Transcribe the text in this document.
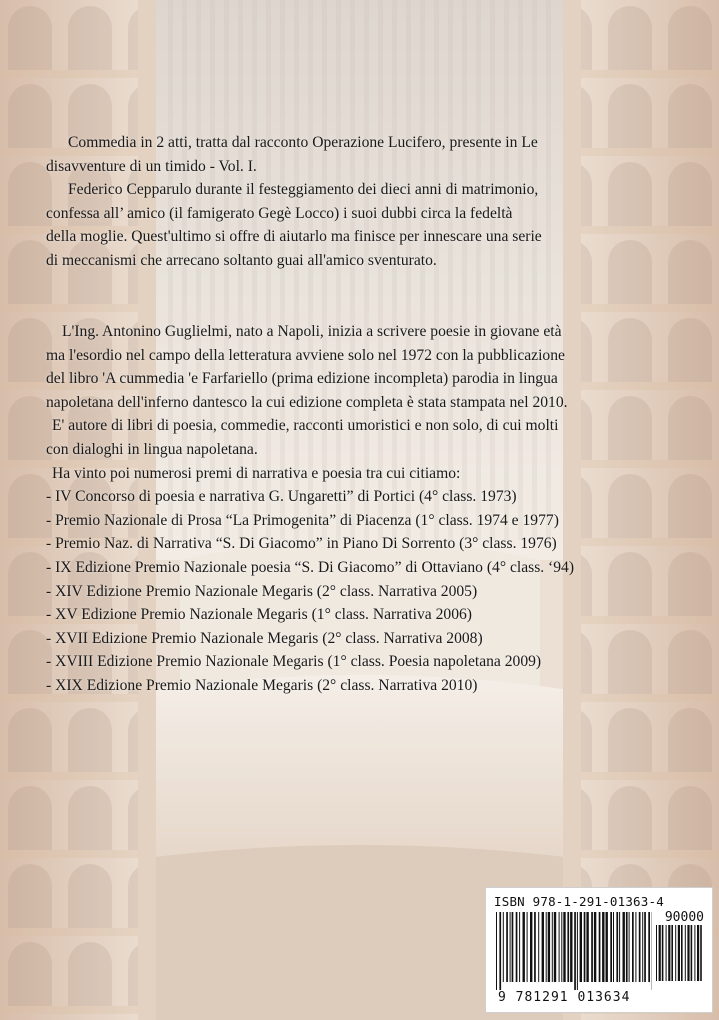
Commedia in 2 atti, tratta dal racconto Operazione Lucifero, presente in Le
disavventure di un timido - Vol. I.
Federico Cepparulo durante il festeggiamento dei dieci anni di matrimonio,
confessa all’ amico (il famigerato Gegè Locco) i suoi dubbi circa la fedeltà
della moglie. Quest'ultimo si offre di aiutarlo ma finisce per innescare una serie
di meccanismi che arrecano soltanto guai all'amico sventurato.
L'Ing. Antonino Guglielmi, nato a Napoli, inizia a scrivere poesie in giovane età
ma l'esordio nel campo della letteratura avviene solo nel 1972 con la pubblicazione
del libro 'A cummedia 'e Farfariello (prima edizione incompleta) parodia in lingua
napoletana dell'inferno dantesco la cui edizione completa è stata stampata nel 2010.
E' autore di libri di poesia, commedie, racconti umoristici e non solo, di cui molti
con dialoghi in lingua napoletana.
Ha vinto poi numerosi premi di narrativa e poesia tra cui citiamo:
- IV Concorso di poesia e narrativa G. Ungaretti” di Portici (4° class. 1973)
- Premio Nazionale di Prosa “La Primogenita” di Piacenza (1° class. 1974 e 1977)
- Premio Naz. di Narrativa “S. Di Giacomo” in Piano Di Sorrento (3° class. 1976)
- IX Edizione Premio Nazionale poesia “S. Di Giacomo” di Ottaviano (4° class. ‘94)
- XIV Edizione Premio Nazionale Megaris (2° class. Narrativa 2005)
- XV Edizione Premio Nazionale Megaris (1° class. Narrativa 2006)
- XVII Edizione Premio Nazionale Megaris (2° class. Narrativa 2008)
- XVIII Edizione Premio Nazionale Megaris (1° class. Poesia napoletana 2009)
- XIX Edizione Premio Nazionale Megaris (2° class. Narrativa 2010)
ISBN 978-1-291-01363-4
90000
9 781291 013634
